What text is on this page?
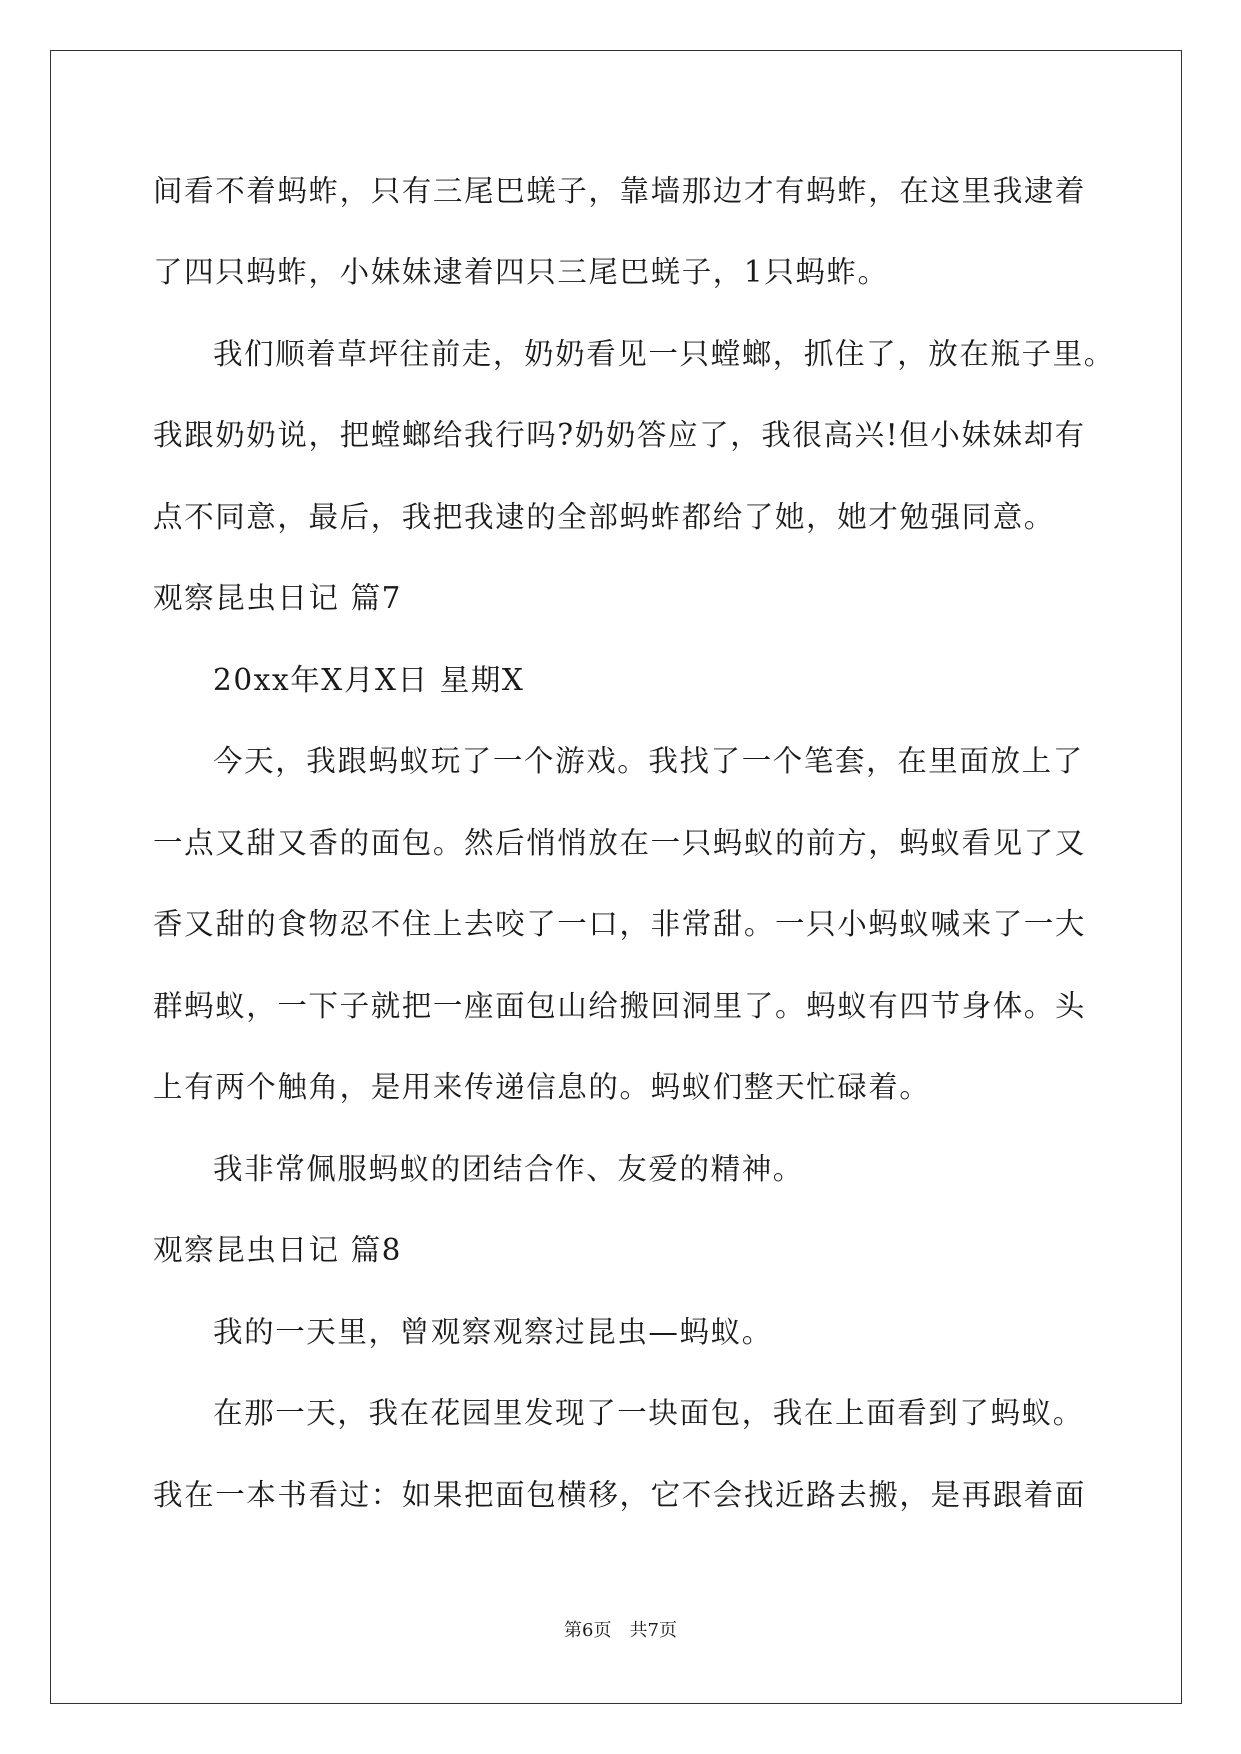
间看不着蚂蚱，只有三尾巴蜣子，靠墙那边才有蚂蚱，在这里我逮着
了四只蚂蚱，小妹妹逮着四只三尾巴蜣子，1只蚂蚱。
我们顺着草坪往前走，奶奶看见一只螳螂，抓住了，放在瓶子里。
我跟奶奶说，把螳螂给我行吗?奶奶答应了，我很高兴!但小妹妹却有
点不同意，最后，我把我逮的全部蚂蚱都给了她，她才勉强同意。
观察昆虫日记 篇7
20xx年X月X日 星期X
今天，我跟蚂蚁玩了一个游戏。我找了一个笔套，在里面放上了
一点又甜又香的面包。然后悄悄放在一只蚂蚁的前方，蚂蚁看见了又
香又甜的食物忍不住上去咬了一口，非常甜。一只小蚂蚁喊来了一大
群蚂蚁，一下子就把一座面包山给搬回洞里了。蚂蚁有四节身体。头
上有两个触角，是用来传递信息的。蚂蚁们整天忙碌着。
我非常佩服蚂蚁的团结合作、友爱的精神。
观察昆虫日记 篇8
我的一天里，曾观察观察过昆虫—蚂蚁。
在那一天，我在花园里发现了一块面包，我在上面看到了蚂蚁。
我在一本书看过：如果把面包横移，它不会找近路去搬，是再跟着面
第6页 共7页
